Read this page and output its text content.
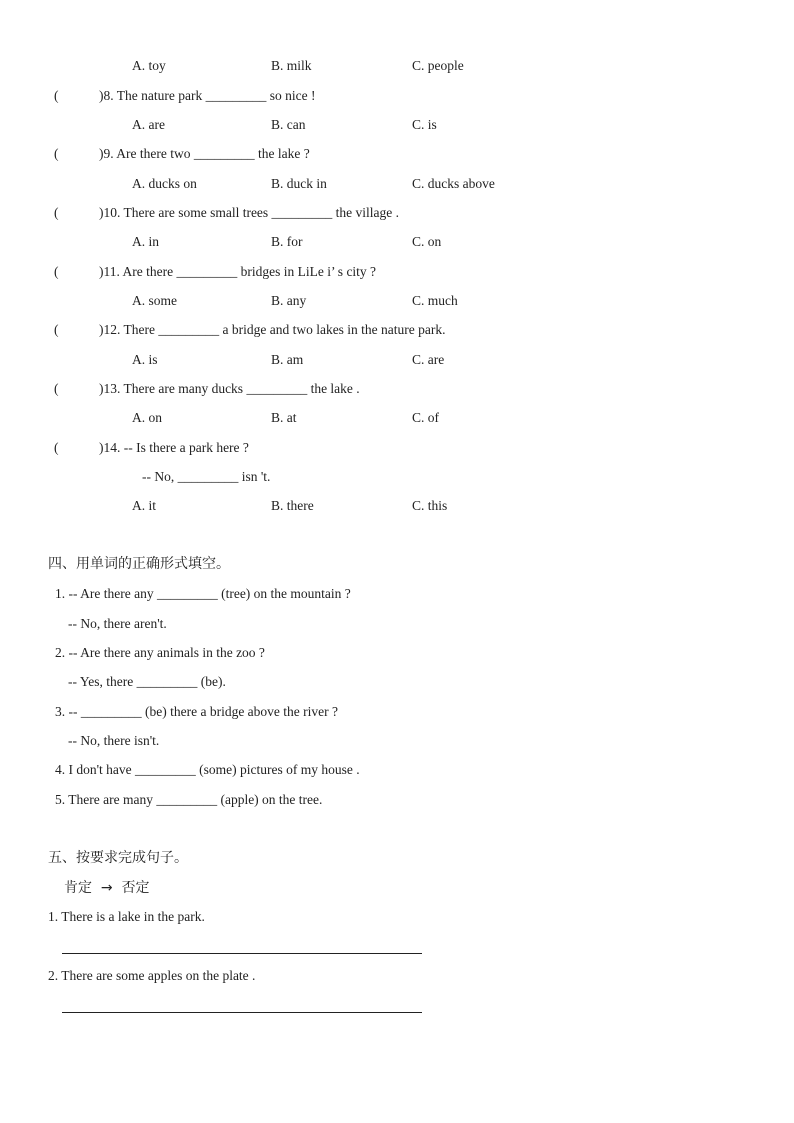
A. toy	B. milk	C. people
(            )8. The nature park _________ so nice !
A. are	B. can	C. is
(            )9. Are there two _________ the lake ?
A. ducks on	B. duck in	C. ducks above
(            )10. There are some small trees _________ the village .
A. in	B. for	C. on
(            )11. Are there _________ bridges in LiLe i’ s city ?
A. some	B. any	C. much
(            )12. There _________ a bridge and two lakes in the nature park.
A. is	B. am	C. are
(            )13. There are many ducks _________ the lake .
A. on	B. at	C. of
(            )14. -- Is there a park here ?
-- No, _________ isn 't.
A. it	B. there	C. this
四、用单词的正确形式填空。
1. -- Are there any _________ (tree) on the mountain ?
-- No, there aren't.
2. -- Are there any animals in the zoo ?
-- Yes, there _________ (be).
3. -- _________ (be) there a bridge above the river ?
-- No, there isn't.
4. I don't have _________ (some) pictures of my house .
5. There are many _________ (apple) on the tree.
五、按要求完成句子。
肯定  →  否定
1. There is a lake in the park.
2. There are some apples on the plate .
